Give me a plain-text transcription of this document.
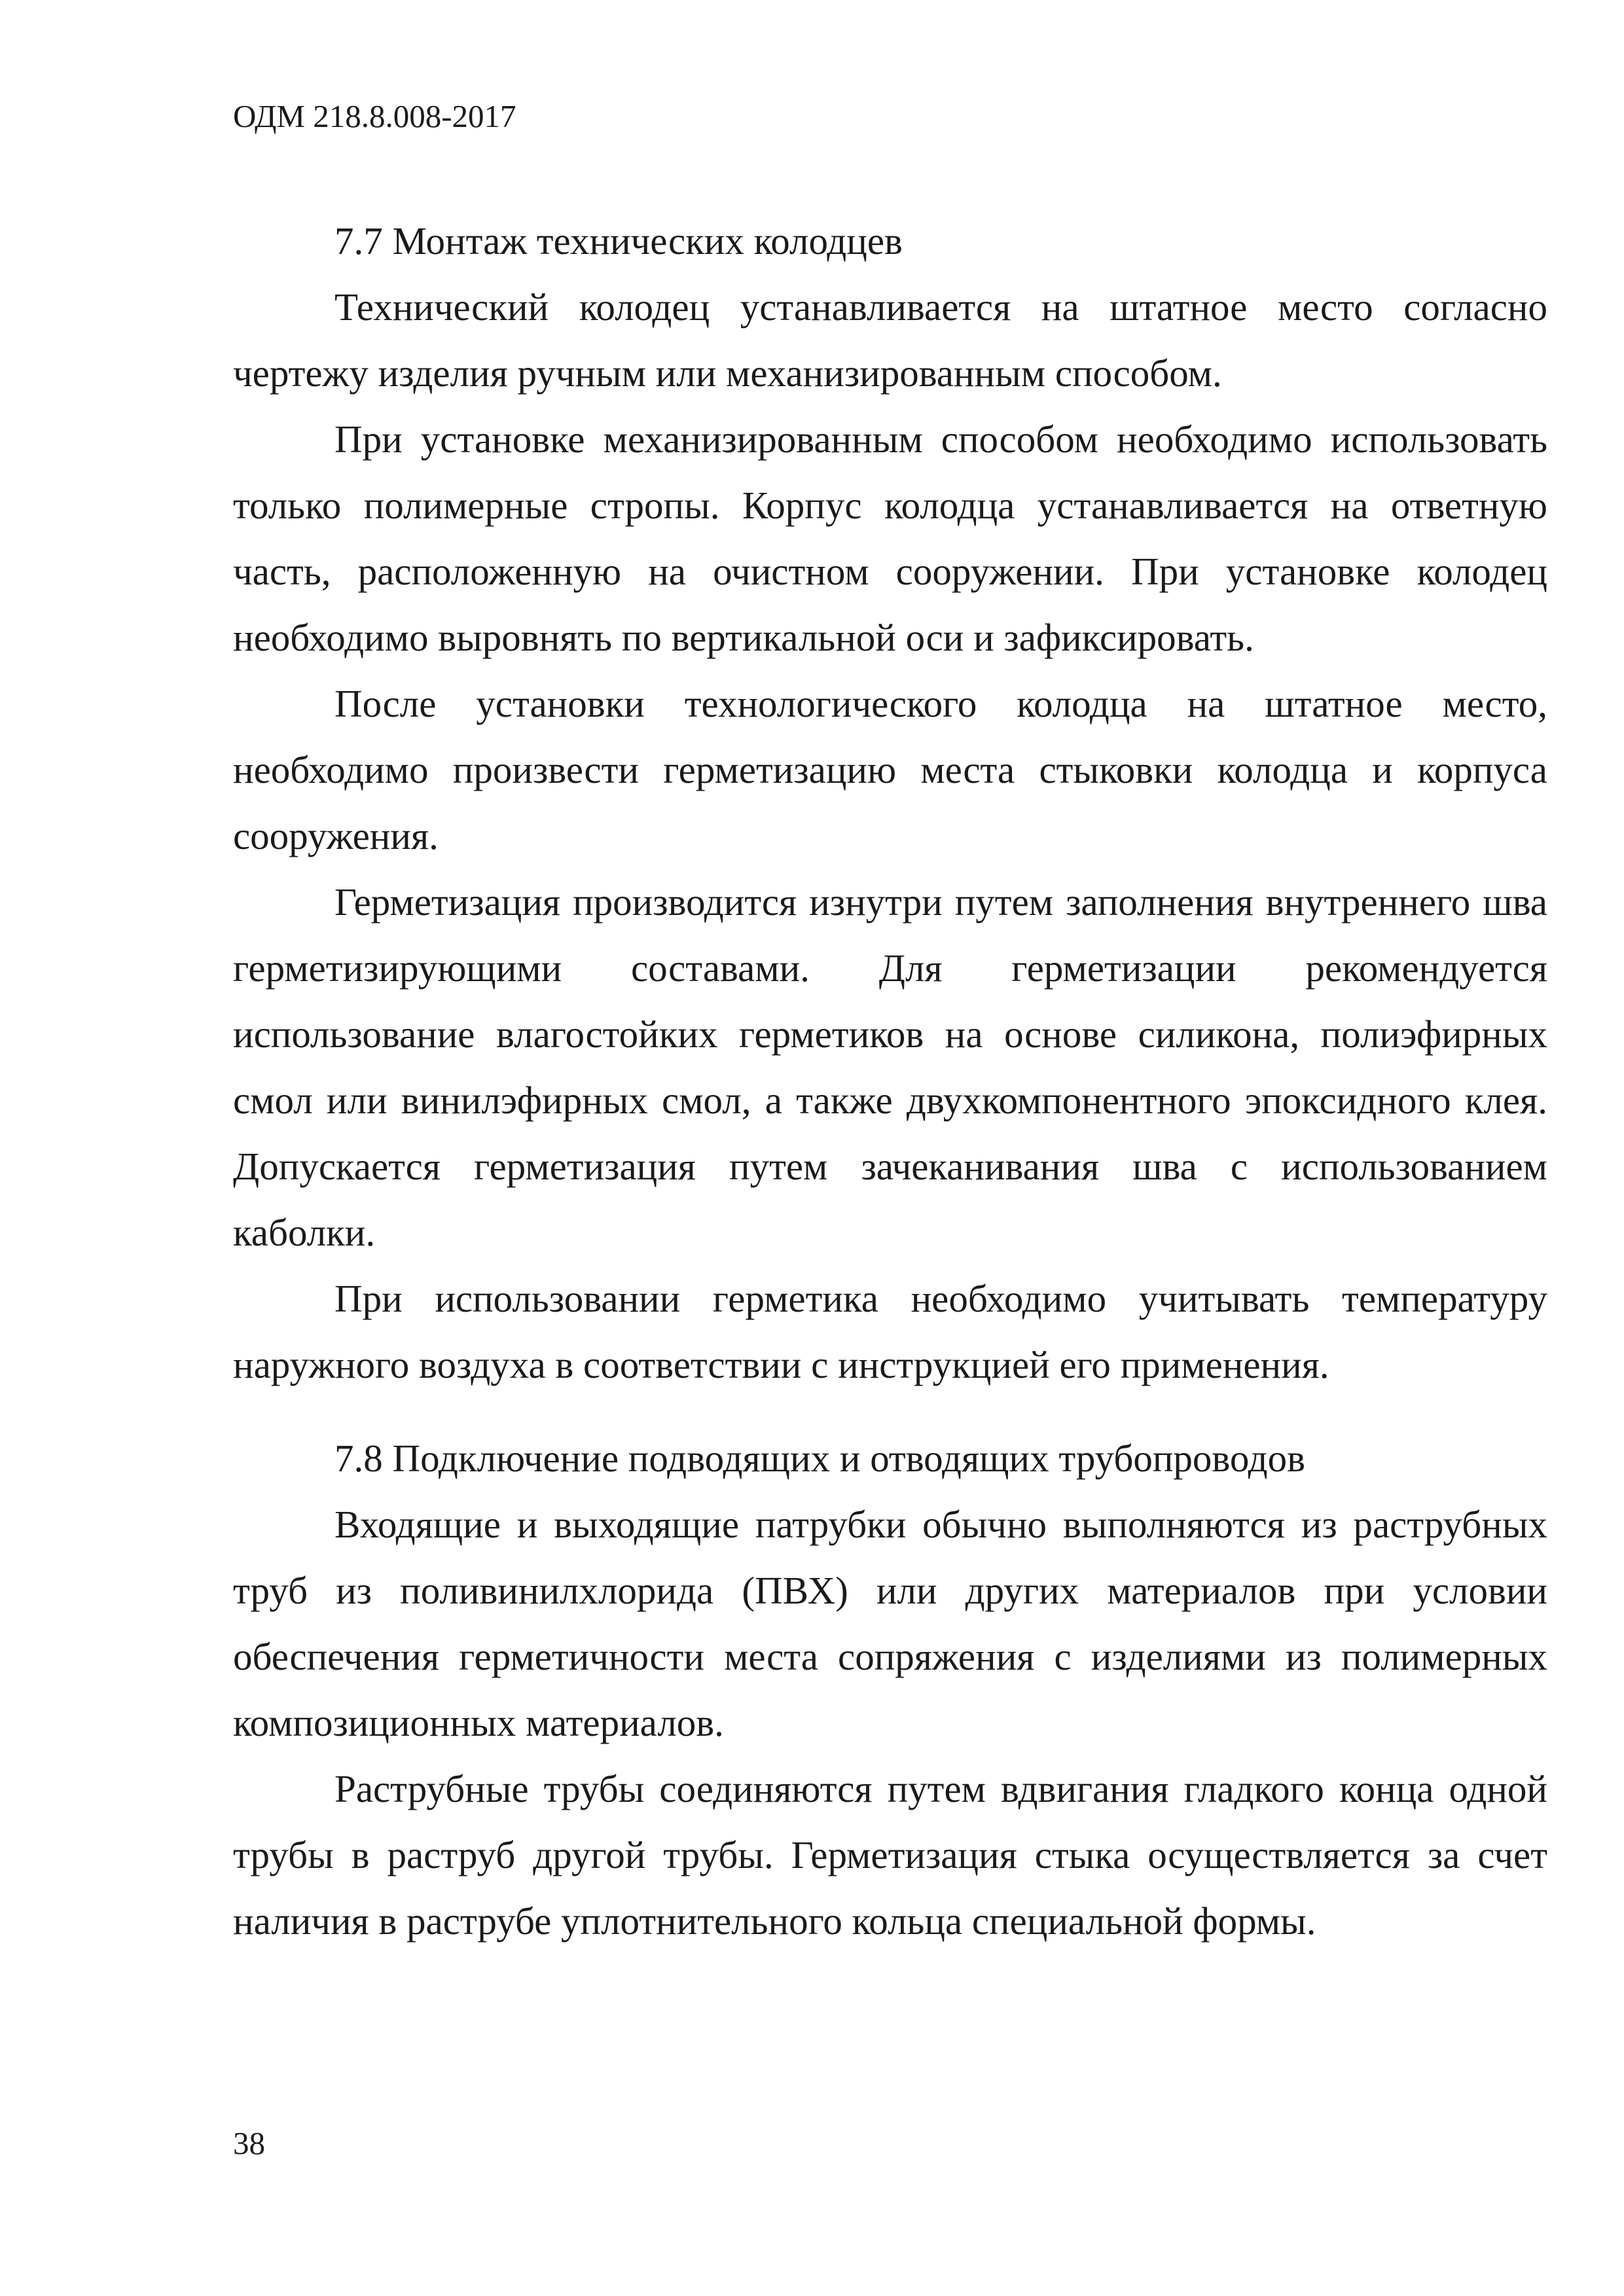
ОДМ 218.8.008-2017
7.7 Монтаж технических колодцев

Технический колодец устанавливается на штатное место согласно чертежу изделия ручным или механизированным способом.

При установке механизированным способом необходимо использовать только полимерные стропы. Корпус колодца устанавливается на ответную часть, расположенную на очистном сооружении. При установке колодец необходимо выровнять по вертикальной оси и зафиксировать.

После установки технологического колодца на штатное место, необходимо произвести герметизацию места стыковки колодца и корпуса сооружения.

Герметизация производится изнутри путем заполнения внутреннего шва герметизирующими составами. Для герметизации рекомендуется использование влагостойких герметиков на основе силикона, полиэфирных смол или винилэфирных смол, а также двухкомпонентного эпоксидного клея. Допускается герметизация путем зачеканивания шва с использованием каболки.

При использовании герметика необходимо учитывать температуру наружного воздуха в соответствии с инструкцией его применения.

7.8 Подключение подводящих и отводящих трубопроводов

Входящие и выходящие патрубки обычно выполняются из раструбных труб из поливинилхлорида (ПВХ) или других материалов при условии обеспечения герметичности места сопряжения с изделиями из полимерных композиционных материалов.

Раструбные трубы соединяются путем вдвигания гладкого конца одной трубы в раструб другой трубы. Герметизация стыка осуществляется за счет наличия в раструбе уплотнительного кольца специальной формы.

38
